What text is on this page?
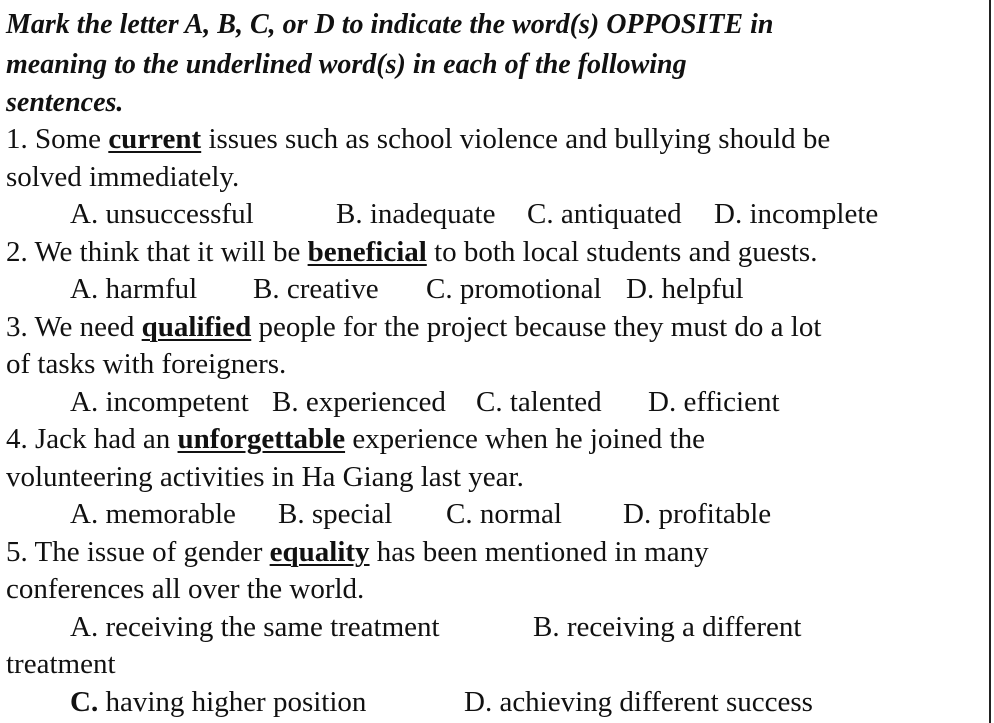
Mark the letter A, B, C, or D to indicate the word(s) OPPOSITE in
meaning to the underlined word(s) in each of the following
sentences.
1. Some current issues such as school violence and bullying should be
solved immediately.
A. unsuccessful	B. inadequate C. antiquated D. incomplete
2. We think that it will be beneficial to both local students and guests.
A. harmful B. creative C. promotional D. helpful
3. We need qualified people for the project because they must do a lot
of tasks with foreigners.
A. incompetent B. experienced C. talented D. efficient
4. Jack had an unforgettable experience when he joined the
volunteering activities in Ha Giang last year.
A. memorable B. special C. normal D. profitable
5. The issue of gender equality has been mentioned in many
conferences all over the world.
A. receiving the same treatment	B. receiving a different
treatment
C. having higher position	D. achieving different success
